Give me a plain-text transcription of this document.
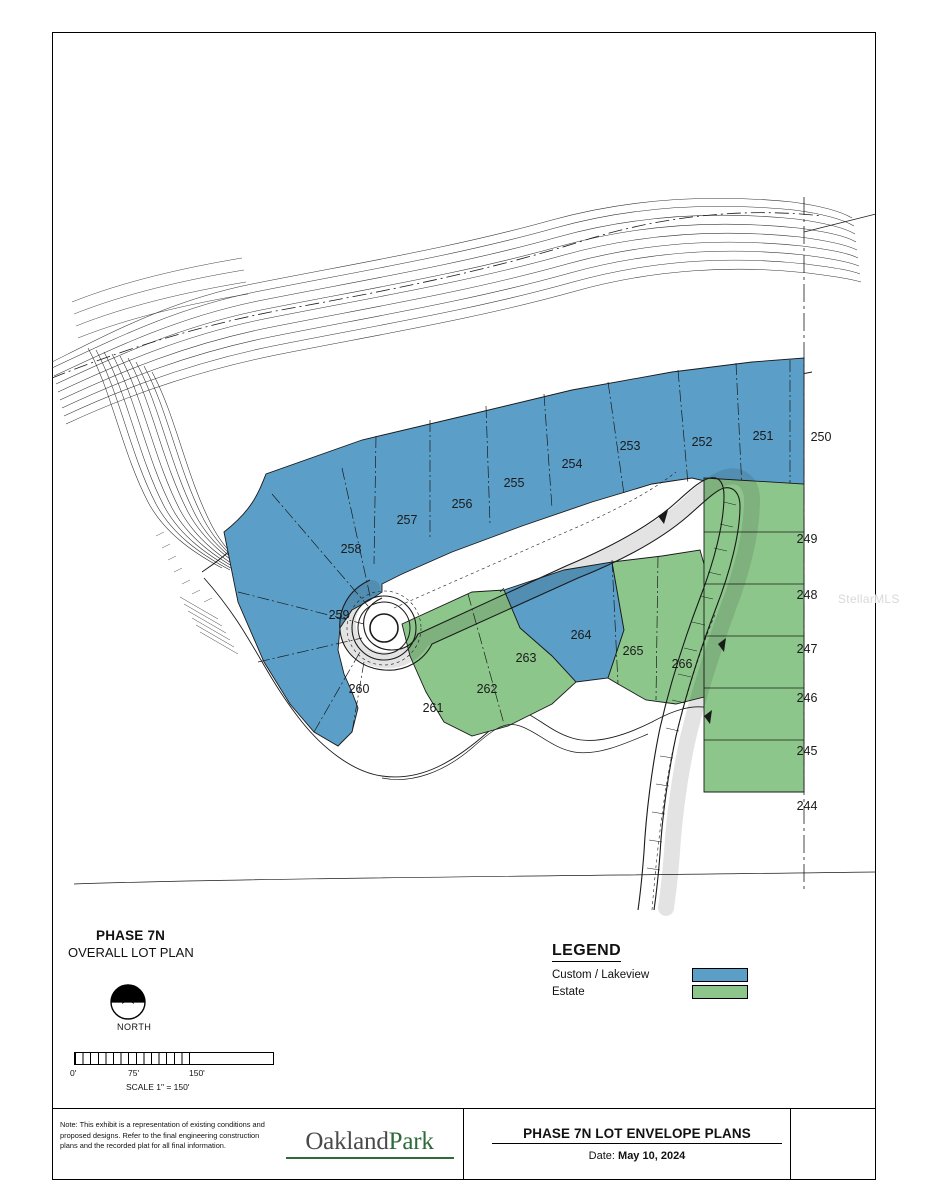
250
251
252
253
254
255
256
257
258
259
260
261
262
263
264
265
266
244
245
246
247
248
249
StellarMLS
PHASE 7N
OVERALL LOT PLAN
NORTH
0'	75'	150'
SCALE 1" = 150'
LEGEND
Custom / Lakeview
Estate
Note: This exhibit is a representation of existing conditions and proposed designs. Refer to the final engineering construction plans and the recorded plat for all final information.	OaklandPark	PHASE 7N LOT ENVELOPE PLANS
Date: May 10, 2024
